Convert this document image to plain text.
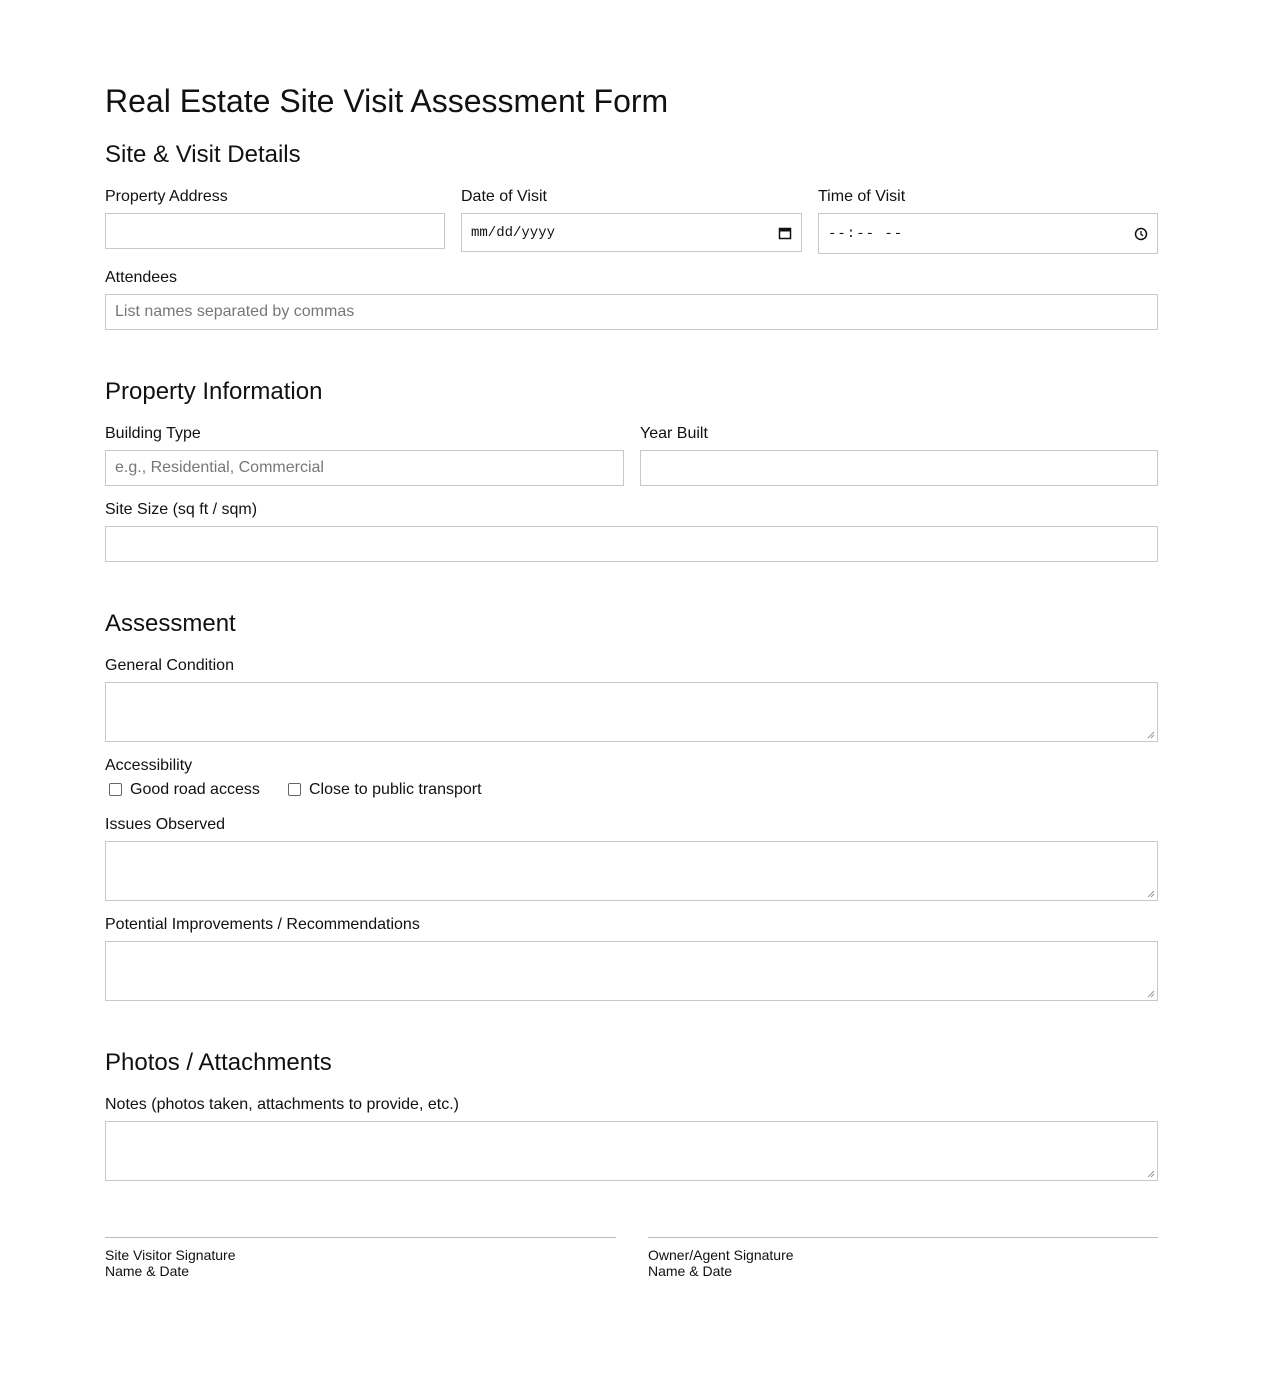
Real Estate Site Visit Assessment Form
Site & Visit Details
Property Address	Date of Visit
mm/dd/yyyy
Time of Visit
--:-- --
Attendees
List names separated by commas
Property Information
Building Type
e.g., Residential, Commercial
Year Built
Site Size (sq ft / sqm)
Assessment
General Condition
Accessibility
Good road access	Close to public transport
Issues Observed
Potential Improvements / Recommendations
Photos / Attachments
Notes (photos taken, attachments to provide, etc.)
Site Visitor Signature
Name & Date
Owner/Agent Signature
Name & Date
